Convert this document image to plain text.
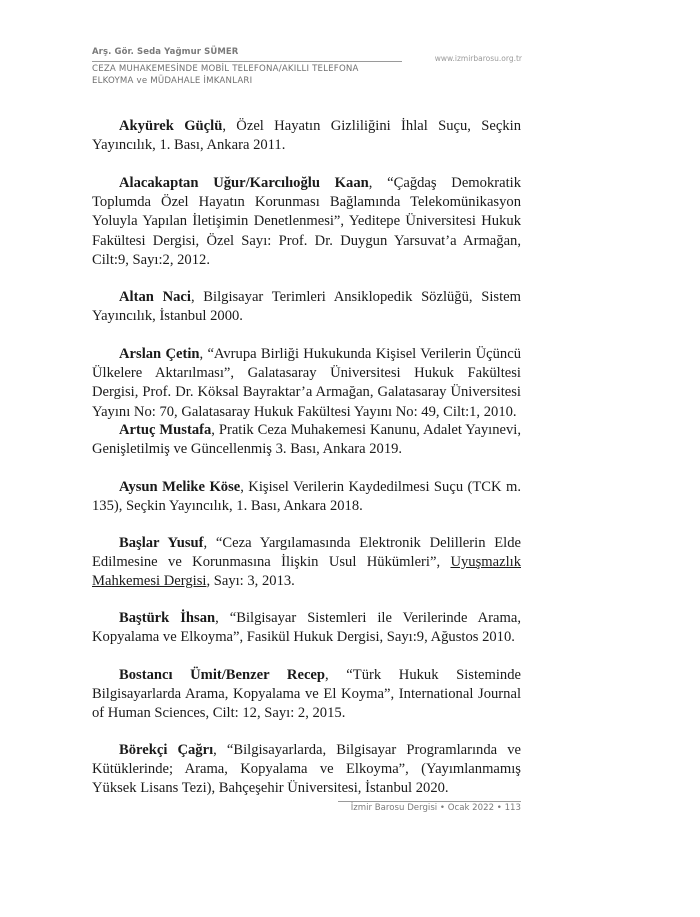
Arş. Gör. Seda Yağmur SÜMER
www.izmirbarosu.org.tr
CEZA MUHAKEMESİNDE MOBİL TELEFONA/AKILLI TELEFONA
ELKOYMA ve MÜDAHALE İMKANLARI
Akyürek Güçlü, Özel Hayatın Gizliliğini İhlal Suçu, Seçkin Yayıncılık, 1. Bası, Ankara 2011.
Alacakaptan Uğur/Karcılıoğlu Kaan, “Çağdaş Demokratik Toplumda Özel Hayatın Korunması Bağlamında Telekomünikasyon Yoluyla Yapılan İletişimin Denetlenmesi”, Yeditepe Üniversitesi Hukuk Fakültesi Dergisi, Özel Sayı: Prof. Dr. Duygun Yarsuvat’a Armağan, Cilt:9, Sayı:2, 2012.
Altan Naci, Bilgisayar Terimleri Ansiklopedik Sözlüğü, Sistem Yayıncılık, İstanbul 2000.
Arslan Çetin, “Avrupa Birliği Hukukunda Kişisel Verilerin Üçüncü Ülkelere Aktarılması”, Galatasaray Üniversitesi Hukuk Fakültesi Dergisi, Prof. Dr. Köksal Bayraktar’a Armağan, Galatasaray Üniversitesi Yayını No: 70, Galatasaray Hukuk Fakültesi Yayını No: 49, Cilt:1, 2010.
Artuç Mustafa, Pratik Ceza Muhakemesi Kanunu, Adalet Yayınevi, Genişletilmiş ve Güncellenmiş 3. Bası, Ankara 2019.
Aysun Melike Köse, Kişisel Verilerin Kaydedilmesi Suçu (TCK m. 135), Seçkin Yayıncılık, 1. Bası, Ankara 2018.
Başlar Yusuf, “Ceza Yargılamasında Elektronik Delillerin Elde Edilmesine ve Korunmasına İlişkin Usul Hükümleri”, Uyuşmazlık Mahkemesi Dergisi, Sayı: 3, 2013.
Baştürk İhsan, “Bilgisayar Sistemleri ile Verilerinde Arama, Kopyalama ve Elkoyma”, Fasikül Hukuk Dergisi, Sayı:9, Ağustos 2010.
Bostancı Ümit/Benzer Recep, “Türk Hukuk Sisteminde Bilgisayarlarda Arama, Kopyalama ve El Koyma”, International Journal of Human Sciences, Cilt: 12, Sayı: 2, 2015.
Börekçi Çağrı, “Bilgisayarlarda, Bilgisayar Programlarında ve Kütüklerinde; Arama, Kopyalama ve Elkoyma”, (Yayımlanmamış Yüksek Lisans Tezi), Bahçeşehir Üniversitesi, İstanbul 2020.
İzmir Barosu Dergisi • Ocak 2022 • 113
